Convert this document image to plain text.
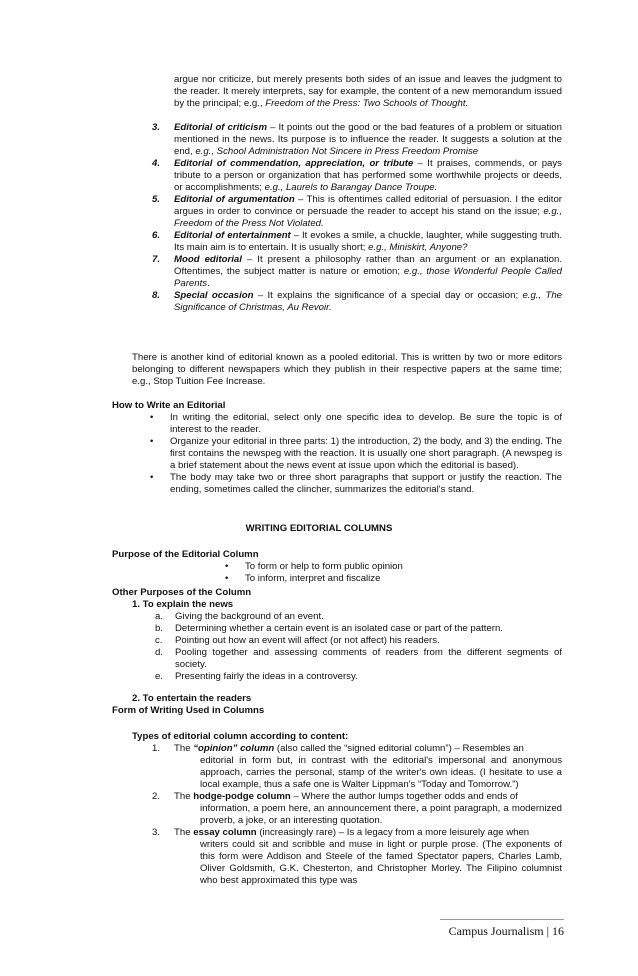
argue nor criticize, but merely presents both sides of an issue and leaves the judgment to the reader. It merely interprets, say for example, the content of a new memorandum issued by the principal; e.g., Freedom of the Press: Two Schools of Thought.
3. Editorial of criticism – It points out the good or the bad features of a problem or situation mentioned in the news. Its purpose is to influence the reader. It suggests a solution at the end, e.g., School Administration Not Sincere in Press Freedom Promise
4. Editorial of commendation, appreciation, or tribute – It praises, commends, or pays tribute to a person or organization that has performed some worthwhile projects or deeds, or accomplishments; e.g., Laurels to Barangay Dance Troupe.
5. Editorial of argumentation – This is oftentimes called editorial of persuasion. I the editor argues in order to convince or persuade the reader to accept his stand on the issue; e.g., Freedom of the Press Not Violated.
6. Editorial of entertainment – It evokes a smile, a chuckle, laughter, while suggesting truth. Its main aim is to entertain. It is usually short; e.g., Miniskirt, Anyone?
7. Mood editorial – It present a philosophy rather than an argument or an explanation. Oftentimes, the subject matter is nature or emotion; e.g., those Wonderful People Called Parents.
8. Special occasion – It explains the significance of a special day or occasion; e.g., The Significance of Christmas, Au Revoir.
There is another kind of editorial known as a pooled editorial. This is written by two or more editors belonging to different newspapers which they publish in their respective papers at the same time; e.g., Stop Tuition Fee Increase.
How to Write an Editorial
• In writing the editorial, select only one specific idea to develop. Be sure the topic is of interest to the reader.
• Organize your editorial in three parts: 1) the introduction, 2) the body, and 3) the ending. The first contains the newspeg with the reaction. It is usually one short paragraph. (A newspeg is a brief statement about the news event at issue upon which the editorial is based).
• The body may take two or three short paragraphs that support or justify the reaction. The ending, sometimes called the clincher, summarizes the editorial's stand.
WRITING EDITORIAL COLUMNS
Purpose of the Editorial Column
• To form or help to form public opinion
• To inform, interpret and fiscalize
Other Purposes of the Column
1. To explain the news
a. Giving the background of an event.
b. Determining whether a certain event is an isolated case or part of the pattern.
c. Pointing out how an event will affect (or not affect) his readers.
d. Pooling together and assessing comments of readers from the different segments of society.
e. Presenting fairly the ideas in a controversy.
2. To entertain the readers
Form of Writing Used in Columns
Types of editorial column according to content:
1. The “opinion” column (also called the “signed editorial column”) – Resembles an
editorial in form but, in contrast with the editorial's impersonal and anonymous approach, carries the personal, stamp of the writer's own ideas. (I hesitate to use a local example, thus a safe one is Walter Lippman's “Today and Tomorrow.”)
2. The hodge-podge column – Where the author lumps together odds and ends of
information, a poem here, an announcement there, a point paragraph, a modernized proverb, a joke, or an interesting quotation.
3. The essay column (increasingly rare) – Is a legacy from a more leisurely age when
writers could sit and scribble and muse in light or purple prose. (The exponents of this form were Addison and Steele of the famed Spectator papers, Charles Lamb, Oliver Goldsmith, G.K. Chesterton, and Christopher Morley. The Filipino columnist who best approximated this type was
Campus Journalism | 16
